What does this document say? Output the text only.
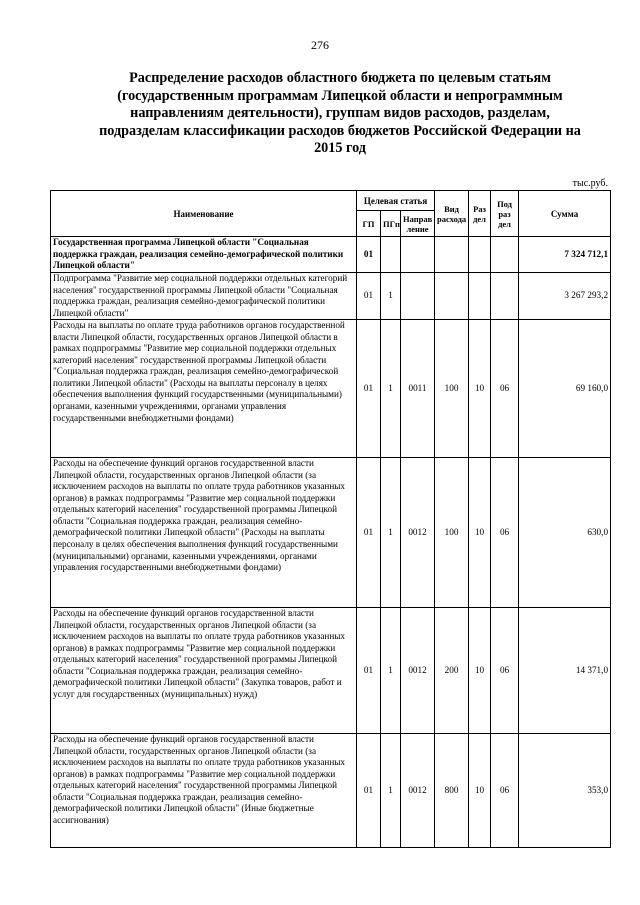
276
Распределение расходов областного бюджета по целевым статьям
(государственным программам Липецкой области и непрограммным
направлениям деятельности), группам видов расходов, разделам,
подразделам классификации расходов бюджетов Российской Федерации на
2015 год
тыс.руб.
Наименование	Целевая статья			Вид расхода	Раз дел	Под раз дел	Сумма
	ГП	ПГп	Направ ление				
Государственная программа Липецкой области "Социальная поддержка граждан, реализация семейно-демографической политики Липецкой области"	01						7 324 712,1
Подпрограмма "Развитие мер социальной поддержки отдельных категорий населения" государственной программы Липецкой области "Социальная поддержка граждан, реализация семейно-демографической политики Липецкой области"	01	1					3 267 293,2
Расходы на выплаты по оплате труда работников органов государственной власти Липецкой области, государственных органов Липецкой области в рамках подпрограммы "Развитие мер социальной поддержки отдельных категорий населения" государственной программы Липецкой области "Социальная поддержка граждан, реализация семейно-демографической политики Липецкой области" (Расходы на выплаты персоналу в целях обеспечения выполнения функций государственными (муниципальными) органами, казенными учреждениями, органами управления государственными внебюджетными фондами)	01	1	0011	100	10	06	69 160,0
Расходы на обеспечение функций органов государственной власти Липецкой области, государственных органов Липецкой области (за исключением расходов на выплаты по оплате труда работников указанных органов) в рамках подпрограммы "Развитие мер социальной поддержки отдельных категорий населения" государственной программы Липецкой области "Социальная поддержка граждан, реализация семейно-демографической политики Липецкой области" (Расходы на выплаты персоналу в целях обеспечения выполнения функций государственными (муниципальными) органами, казенными учреждениями, органами управления государственными внебюджетными фондами)	01	1	0012	100	10	06	630,0
Расходы на обеспечение функций органов государственной власти Липецкой области, государственных органов Липецкой области (за исключением расходов на выплаты по оплате труда работников указанных органов) в рамках подпрограммы "Развитие мер социальной поддержки отдельных категорий населения" государственной программы Липецкой области "Социальная поддержка граждан, реализация семейно-демографической политики Липецкой области" (Закупка товаров, работ и услуг для государственных (муниципальных) нужд)	01	1	0012	200	10	06	14 371,0
Расходы на обеспечение функций органов государственной власти Липецкой области, государственных органов Липецкой области (за исключением расходов на выплаты по оплате труда работников указанных органов) в рамках подпрограммы "Развитие мер социальной поддержки отдельных категорий населения" государственной программы Липецкой области "Социальная поддержка граждан, реализация семейно-демографической политики Липецкой области" (Иные бюджетные ассигнования)	01	1	0012	800	10	06	353,0
